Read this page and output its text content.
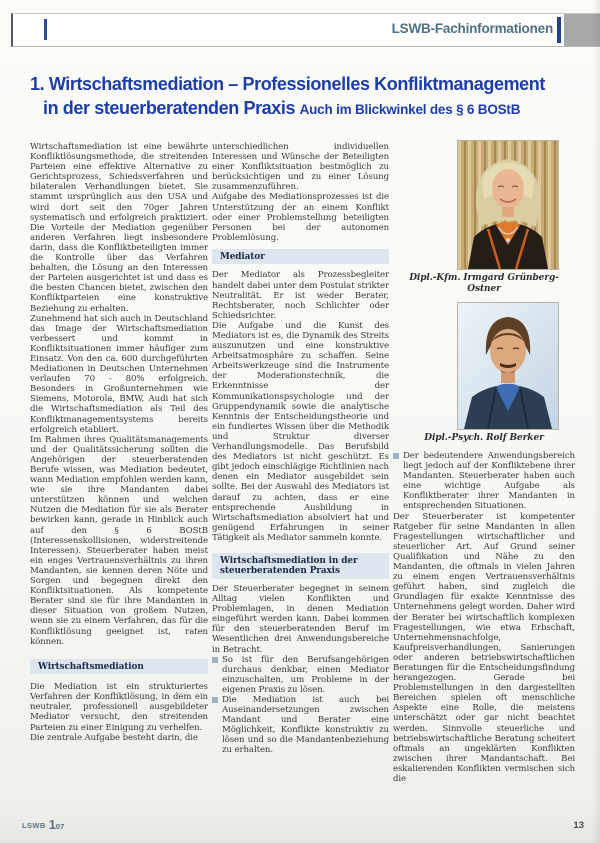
LSWB-Fachinformationen
1. Wirtschaftsmediation – Professionelles Konfliktmanagement
in der steuerberatenden Praxis Auch im Blickwinkel des § 6 BOStB

Wirtschaftsmediation ist eine bewährte Konfliktlösungsmethode, die streitenden Parteien eine effektive Alternative zu Gerichtsprozess, Schiedsverfahren und bilateralen Verhandlungen bietet. Sie stammt ursprünglich aus den USA und wird dort seit den 70ger Jahren systematisch und erfolgreich praktiziert. Die Vorteile der Mediation gegenüber anderen Verfahren liegt insbesondere darin, dass die Konfliktbeteiligten immer die Kontrolle über das Verfahren behalten, die Lösung an den Interessen der Parteien ausgerichtet ist und dass es die besten Chancen bietet, zwischen den Konfliktparteien eine konstruktive Beziehung zu erhalten.

Zunehmend hat sich auch in Deutschland das Image der Wirtschaftsmediation verbessert und kommt in Konfliktsituationen immer häufiger zum Einsatz. Von den ca. 600 durchgeführten Mediationen in Deutschen Unternehmen verlaufen 70 - 80% erfolgreich. Besonders in Großunternehmen wie Siemens, Motorola, BMW, Audi hat sich die Wirtschaftsmediation als Teil des Konfliktmanagementsystems bereits erfolgreich etabliert.

Im Rahmen ihres Qualitätsmanagements und der Qualitätssicherung sollten die Angehörigen der steuerberatenden Berufe wissen, was Mediation bedeutet, wann Mediation empfohlen werden kann, wie sie ihre Mandanten dabei unterstützen können und welchen Nutzen die Mediation für sie als Berater bewirken kann, gerade in Hinblick auch auf den § 6 BOStB (Interessenskollisionen, widerstreitende Interessen). Steuerberater haben meist ein enges Vertrauensverhältnis zu ihren Mandanten, sie kennen deren Nöte und Sorgen und begegnen direkt den Konfliktsituationen. Als kompetente Berater sind sie für ihre Mandanten in dieser Situation von großem Nutzen, wenn sie zu einem Verfahren, das für die Konfliktlösung geeignet ist, raten können.

Wirtschaftsmediation

Die Mediation ist ein strukturiertes Verfahren der Konfliktlösung, in dem ein neutraler, professionell ausgebildeter Mediator versucht, den streitenden Parteien zu einer Einigung zu verhelfen.

Die zentrale Aufgabe besteht darin, die

unterschiedlichen individuellen Interessen und Wünsche der Beteiligten einer Konfliktsituation bestmöglich zu berücksichtigen und zu einer Lösung zusammenzuführen.

Aufgabe des Mediationsprozesses ist die Unterstützung der an einem Konflikt oder einer Problemstellung beteiligten Personen bei der autonomen Problemlösung.

Mediator

Der Mediator als Prozessbegleiter handelt dabei unter dem Postulat strikter Neutralität. Er ist weder Berater, Rechtsberater, noch Schlichter oder Schiedsrichter.

Die Aufgabe und die Kunst des Mediators ist es, die Dynamik des Streits auszunutzen und eine konstruktive Arbeitsatmosphäre zu schaffen. Seine Arbeitswerkzeuge sind die Instrumente der Moderationstechnik, die Erkenntnisse der Kommunikationspsychologie und der Gruppendynamik sowie die analytische Kenntnis der Entscheidungstheorie und ein fundiertes Wissen über die Methodik und Struktur diverser Verhandlungsmodelle. Das Berufsbild des Mediators ist nicht geschützt. Es gibt jedoch einschlägige Richtlinien nach denen ein Mediator ausgebildet sein sollte. Bei der Auswahl des Mediators ist darauf zu achten, dass er eine entsprechende Ausbildung in Wirtschaftsmediation absolviert hat und genügend Erfahrungen in seiner Tätigkeit als Mediator sammeln konnte.

Wirtschaftsmediation in der steuerberatenden Praxis

Der Steuerberater begegnet in seinem Alltag vielen Konflikten und Problemlagen, in denen Mediation eingeführt werden kann. Dabei kommen für den steuerberatenden Beruf im Wesentlichen drei Anwendungsbereiche in Betracht.

So ist für den Berufsangehörigen durchaus denkbar, einen Mediator einzuschalten, um Probleme in der eigenen Praxis zu lösen.

Die Mediation ist auch bei Auseinandersetzungen zwischen Mandant und Berater eine Möglichkeit, Konflikte konstruktiv zu lösen und so die Mandantenbeziehung zu erhalten.

Dipl.-Kfm. Irmgard Grünberg-Ostner
Dipl.-Psych. Rolf Berker

Der bedeutendere Anwendungsbereich liegt jedoch auf der Konfliktebene ihrer Mandanten. Steuerberater haben auch eine wichtige Aufgabe als Konfliktberater ihrer Mandanten in entsprechenden Situationen.

Der Steuerberater ist kompetenter Ratgeber für seine Mandanten in allen Fragestellungen wirtschaftlicher und steuerlicher Art. Auf Grund seiner Qualifikation und Nähe zu den Mandanten, die oftmals in vielen Jahren zu einem engen Vertrauensverhältnis geführt haben, sind zugleich die Grundlagen für exakte Kenntnisse des Unternehmens gelegt worden. Daher wird der Berater bei wirtschaftlich komplexen Fragestellungen, wie etwa Erbschaft, Unternehmensnachfolge, Kaufpreisverhandlungen, Sanierungen oder anderen betriebswirtschaftlichen Beratungen für die Entscheidungsfindung herangezogen. Gerade bei Problemstellungen in den dargestellten Bereichen spielen oft menschliche Aspekte eine Rolle, die meistens unterschätzt oder gar nicht beachtet werden. Sinnvolle steuerliche und betriebswirtschaftliche Beratung scheitert oftmals an ungeklärten Konflikten zwischen ihrer Mandantschaft. Bei eskalierenden Konflikten vermischen sich die

LSWB 107	13
